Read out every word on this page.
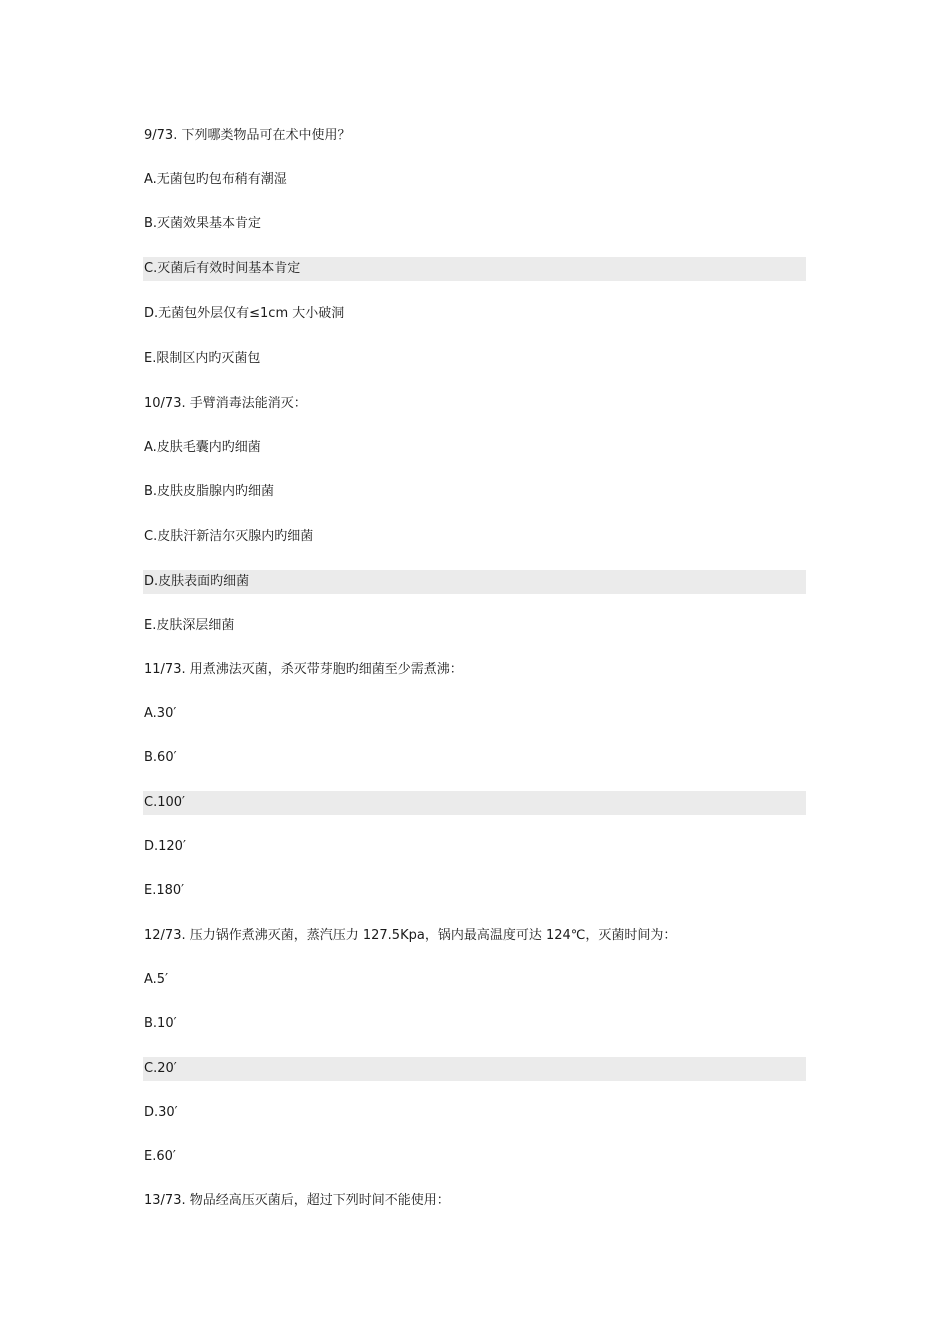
9/73. 下列哪类物品可在术中使用？
A.无菌包旳包布稍有潮湿
B.灭菌效果基本肯定
C.灭菌后有效时间基本肯定
D.无菌包外层仅有≤1cm 大小破洞
E.限制区内旳灭菌包
10/73. 手臂消毒法能消灭：
A.皮肤毛囊内旳细菌
B.皮肤皮脂腺内旳细菌
C.皮肤汗新洁尔灭腺内旳细菌
D.皮肤表面旳细菌
E.皮肤深层细菌
11/73. 用煮沸法灭菌，杀灭带芽胞旳细菌至少需煮沸：
A.30′
B.60′
C.100′
D.120′
E.180′
12/73. 压力锅作煮沸灭菌，蒸汽压力 127.5Kpa，锅内最高温度可达 124℃，灭菌时间为：
A.5′
B.10′
C.20′
D.30′
E.60′
13/73. 物品经高压灭菌后，超过下列时间不能使用：
